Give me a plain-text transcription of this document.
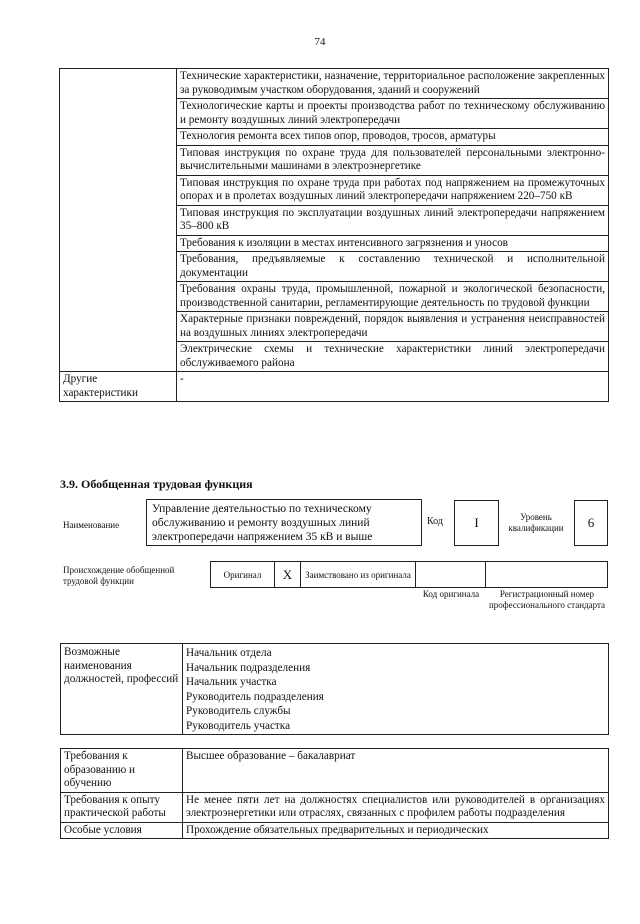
74
	Технические характеристики, назначение, территориальное расположение закрепленных за руководимым участком оборудования, зданий и сооружений
	Технологические карты и проекты производства работ по техническому обслуживанию и ремонту воздушных линий электропередачи
	Технология ремонта всех типов опор, проводов, тросов, арматуры
	Типовая инструкция по охране труда для пользователей персональными электронно-вычислительными машинами в электроэнергетике
	Типовая инструкция по охране труда при работах под напряжением на промежуточных опорах и в пролетах воздушных линий электропередачи напряжением 220–750 кВ
	Типовая инструкция по эксплуатации воздушных линий электропередачи напряжением 35–800 кВ
	Требования к изоляции в местах интенсивного загрязнения и уносов
	Требования, предъявляемые к составлению технической и исполнительной документации
	Требования охраны труда, промышленной, пожарной и экологической безопасности, производственной санитарии, регламентирующие деятельность по трудовой функции
	Характерные признаки повреждений, порядок выявления и устранения неисправностей на воздушных линиях электропередачи
	Электрические схемы и технические характеристики линий электропередачи обслуживаемого района
Другие характеристики	-
3.9. Обобщенная трудовая функция
Наименование
Управление деятельностью по техническому обслуживанию и ремонту воздушных линий электропередачи напряжением 35 кВ и выше
Код	I	Уровень квалификации	6
Происхождение обобщенной трудовой функции
Оригинал	X	Заимствовано из оригинала		
Код оригинала	Регистрационный номер профессионального стандарта
Возможные наименования должностей, профессий	
Начальник отдела
Начальник подразделения
Начальник участка
Руководитель подразделения
Руководитель службы
Руководитель участка
Требования к образованию и обучению	Высшее образование – бакалавриат
Требования к опыту практической работы	Не менее пяти лет на должностях специалистов или руководителей в организациях электроэнергетики или отраслях, связанных с профилем работы подразделения
Особые условия	Прохождение обязательных предварительных и периодических
